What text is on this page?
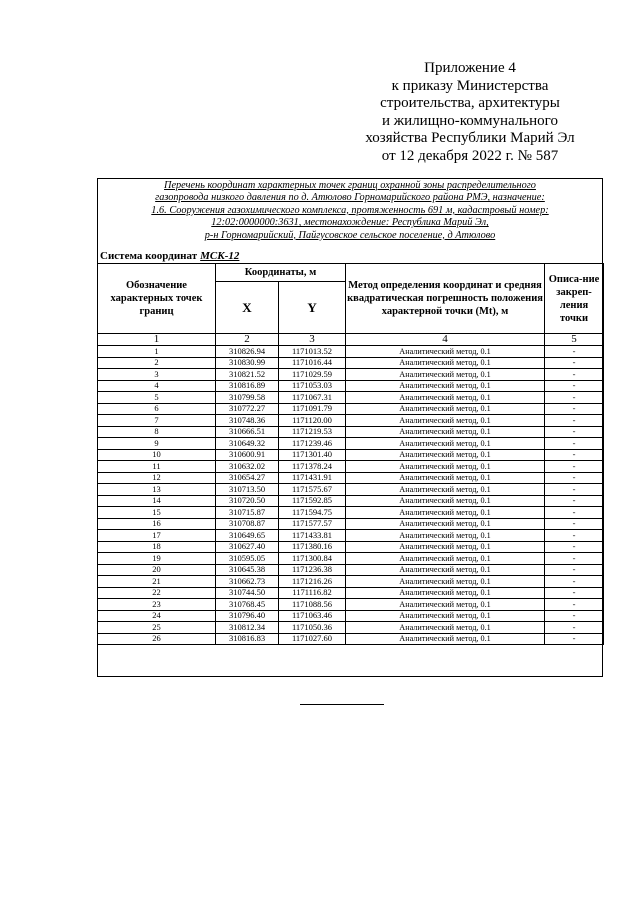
Приложение 4
к приказу Министерства
строительства, архитектуры
и жилищно-коммунального
хозяйства Республики Марий Эл
от 12 декабря 2022 г. № 587
Перечень координат характерных точек границ охранной зоны распределительного
газопровода низкого давления по д. Атюлово Горномарийского района РМЭ, назначение:
1.6. Сооружения газохимического комплекса, протяженность 691 м, кадастровый номер:
12:02:0000000:3631, местонахождение: Республика Марий Эл,
р-н Горномарийский, Пайгусовское сельское поселение, д Атюлово
Система координат МСК-12
Обозначение характерных точек границ	Координаты, м		Метод определения координат и средняя квадратическая погрешность положения характерной точки (Mt), м	Описа-ние закреп-ления точки
	X	Y		
1	2	3	4	5
1	310826.94	1171013.52	Аналитический метод, 0.1	-
2	310830.99	1171016.44	Аналитический метод, 0.1	-
3	310821.52	1171029.59	Аналитический метод, 0.1	-
4	310816.89	1171053.03	Аналитический метод, 0.1	-
5	310799.58	1171067.31	Аналитический метод, 0.1	-
6	310772.27	1171091.79	Аналитический метод, 0.1	-
7	310748.36	1171120.00	Аналитический метод, 0.1	-
8	310666.51	1171219.53	Аналитический метод, 0.1	-
9	310649.32	1171239.46	Аналитический метод, 0.1	-
10	310600.91	1171301.40	Аналитический метод, 0.1	-
11	310632.02	1171378.24	Аналитический метод, 0.1	-
12	310654.27	1171431.91	Аналитический метод, 0.1	-
13	310713.50	1171575.67	Аналитический метод, 0.1	-
14	310720.50	1171592.85	Аналитический метод, 0.1	-
15	310715.87	1171594.75	Аналитический метод, 0.1	-
16	310708.87	1171577.57	Аналитический метод, 0.1	-
17	310649.65	1171433.81	Аналитический метод, 0.1	-
18	310627.40	1171380.16	Аналитический метод, 0.1	-
19	310595.05	1171300.84	Аналитический метод, 0.1	-
20	310645.38	1171236.38	Аналитический метод, 0.1	-
21	310662.73	1171216.26	Аналитический метод, 0.1	-
22	310744.50	1171116.82	Аналитический метод, 0.1	-
23	310768.45	1171088.56	Аналитический метод, 0.1	-
24	310796.40	1171063.46	Аналитический метод, 0.1	-
25	310812.34	1171050.36	Аналитический метод, 0.1	-
26	310816.83	1171027.60	Аналитический метод, 0.1	-
